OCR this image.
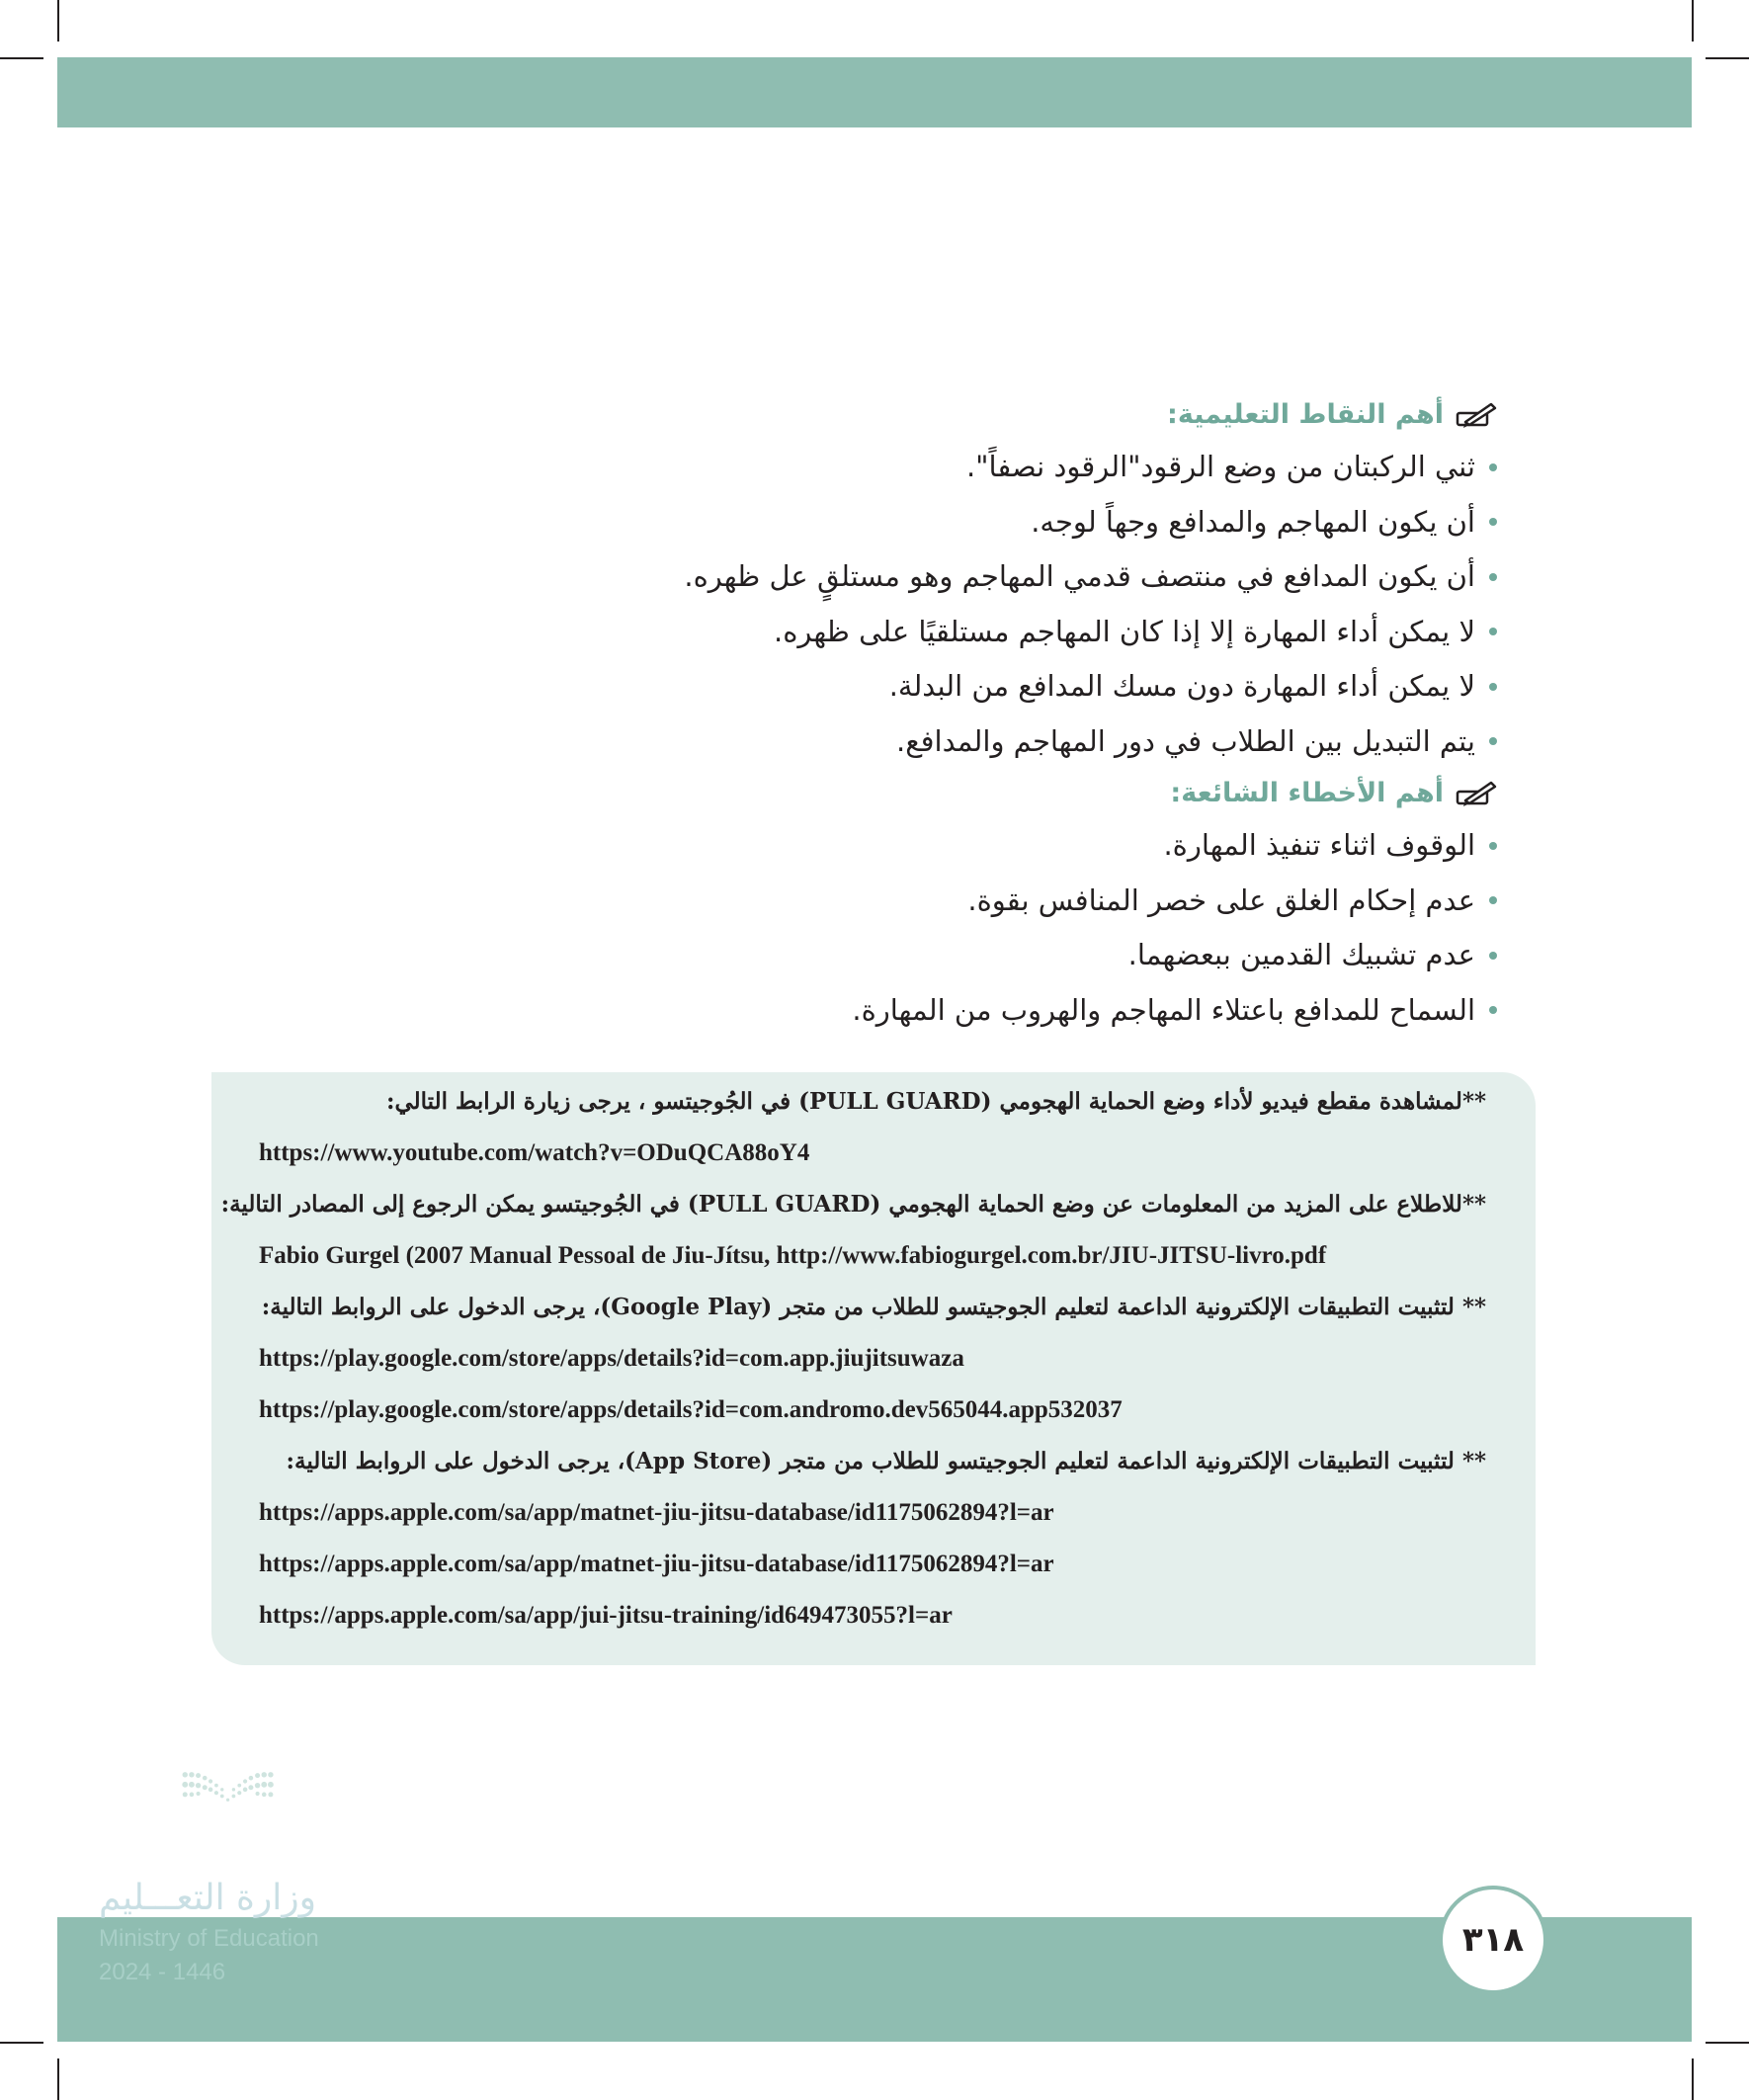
أهم النقاط التعليمية:
ثني الركبتان من وضع الرقود"الرقود نصفاً".
أن يكون المهاجم والمدافع وجهاً لوجه.
أن يكون المدافع في منتصف قدمي المهاجم وهو مستلقٍ عل ظهره.
لا يمكن أداء المهارة إلا إذا كان المهاجم مستلقيًا على ظهره.
لا يمكن أداء المهارة دون مسك المدافع من البدلة.
يتم التبديل بين الطلاب في دور المهاجم والمدافع.
أهم الأخطاء الشائعة:
الوقوف اثناء تنفيذ المهارة.
عدم إحكام الغلق على خصر المنافس بقوة.
عدم تشبيك القدمين ببعضهما.
السماح للمدافع باعتلاء المهاجم والهروب من المهارة.
**لمشاهدة مقطع فيديو لأداء وضع الحماية الهجومي (PULL GUARD) في الجُوجيتسو ، يرجى زيارة الرابط التالي:
https://www.youtube.com/watch?v=ODuQCA88oY4
**للاطلاع على المزيد من المعلومات عن وضع الحماية الهجومي (PULL GUARD) في الجُوجيتسو يمكن الرجوع إلى المصادر التالية:
Fabio Gurgel (2007 Manual Pessoal de Jiu-Jítsu, http://www.fabiogurgel.com.br/JIU-JITSU-livro.pdf
** لتثبيت التطبيقات الإلكترونية الداعمة لتعليم الجوجيتسو للطلاب من متجر (Google Play)، يرجى الدخول على الروابط التالية:
https://play.google.com/store/apps/details?id=com.app.jiujitsuwaza
https://play.google.com/store/apps/details?id=com.andromo.dev565044.app532037
** لتثبيت التطبيقات الإلكترونية الداعمة لتعليم الجوجيتسو للطلاب من متجر (App Store)، يرجى الدخول على الروابط التالية:
https://apps.apple.com/sa/app/matnet-jiu-jitsu-database/id1175062894?l=ar
https://apps.apple.com/sa/app/matnet-jiu-jitsu-database/id1175062894?l=ar
https://apps.apple.com/sa/app/jui-jitsu-training/id649473055?l=ar
وزارة التعـــليم
Ministry of Education
2024 - 1446
٣١٨
